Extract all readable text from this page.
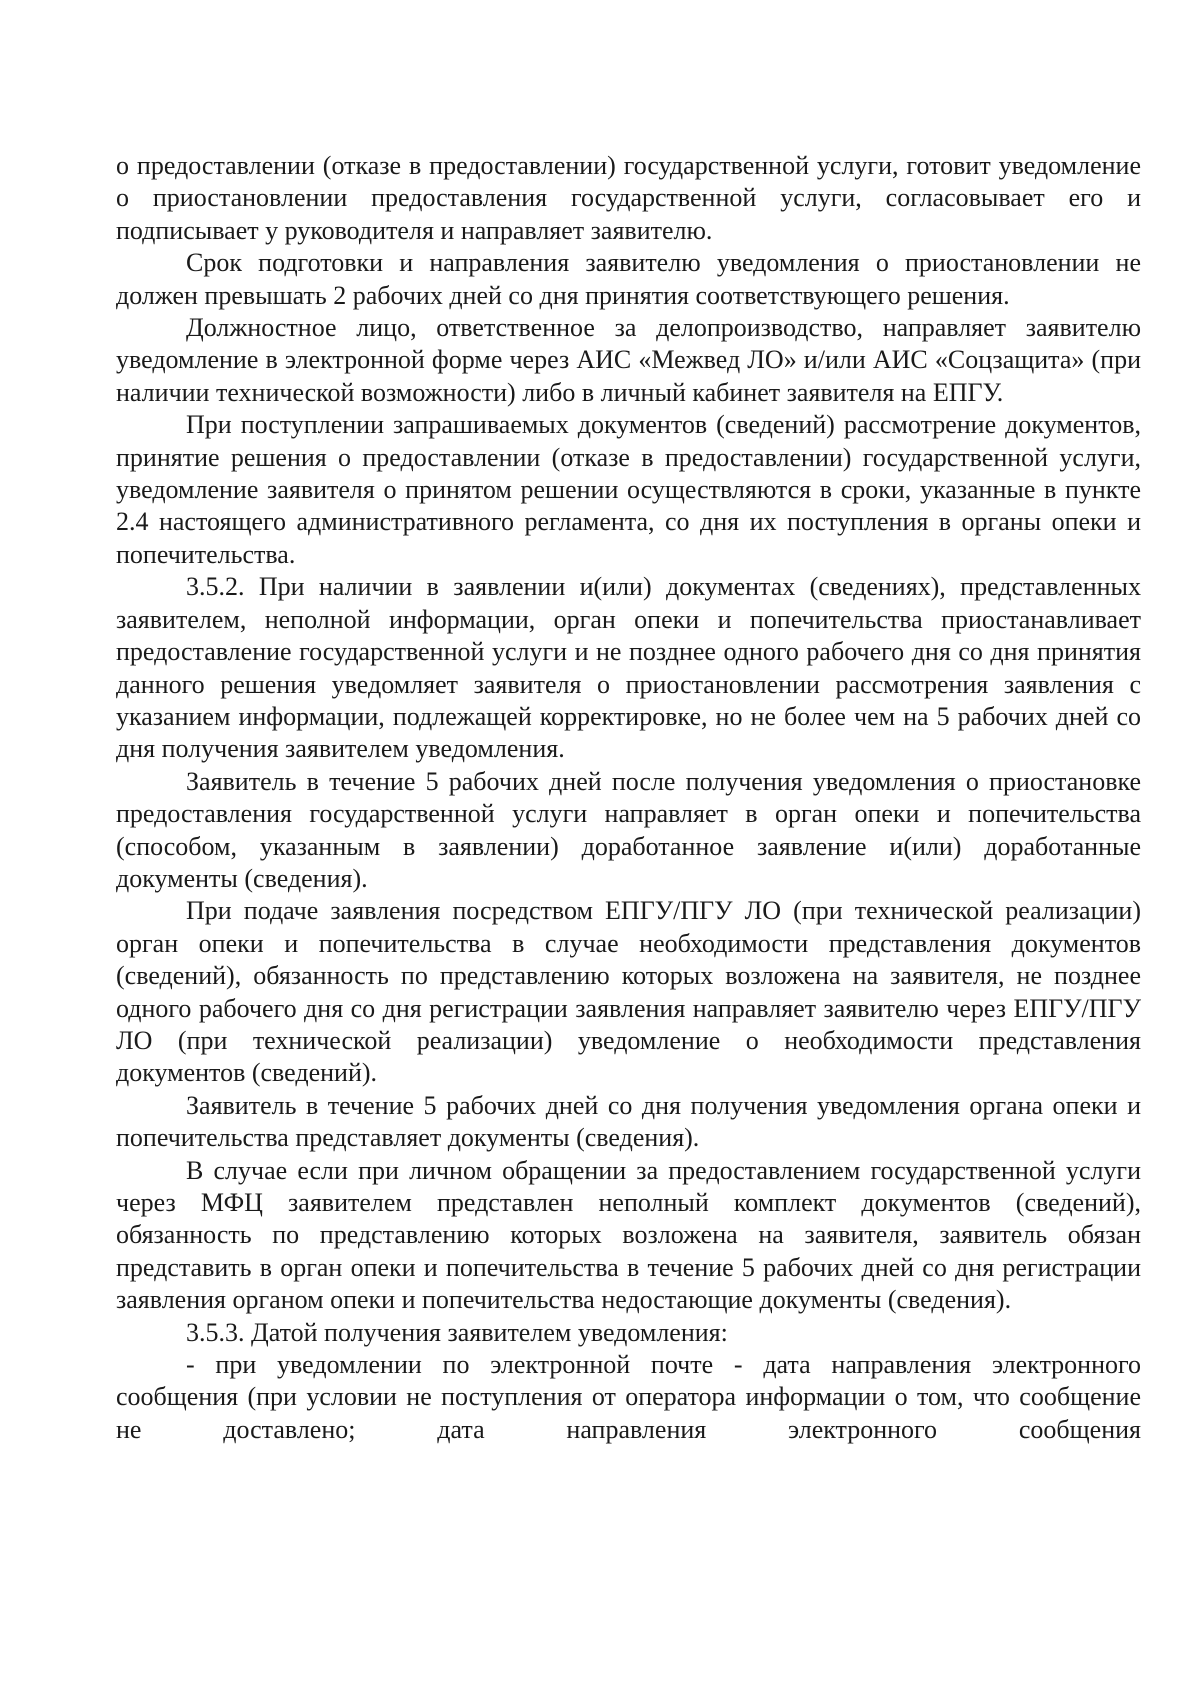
о предоставлении (отказе в предоставлении) государственной услуги, готовит уведомление о приостановлении предоставления государственной услуги, согласовывает его и подписывает у руководителя и направляет заявителю.

Срок подготовки и направления заявителю уведомления о приостановлении не должен превышать 2 рабочих дней со дня принятия соответствующего решения.

Должностное лицо, ответственное за делопроизводство, направляет заявителю уведомление в электронной форме через АИС «Межвед ЛО» и/или АИС «Соцзащита» (при наличии технической возможности) либо в личный кабинет заявителя на ЕПГУ.

При поступлении запрашиваемых документов (сведений) рассмотрение документов, принятие решения о предоставлении (отказе в предоставлении) государственной услуги, уведомление заявителя о принятом решении осуществляются в сроки, указанные в пункте 2.4 настоящего административного регламента, со дня их поступления в органы опеки и попечительства.

3.5.2. При наличии в заявлении и(или) документах (сведениях), представленных заявителем, неполной информации, орган опеки и попечительства приостанавливает предоставление государственной услуги и не позднее одного рабочего дня со дня принятия данного решения уведомляет заявителя о приостановлении рассмотрения заявления с указанием информации, подлежащей корректировке, но не более чем на 5 рабочих дней со дня получения заявителем уведомления.

Заявитель в течение 5 рабочих дней после получения уведомления о приостановке предоставления государственной услуги направляет в орган опеки и попечительства (способом, указанным в заявлении) доработанное заявление и(или) доработанные документы (сведения).

При подаче заявления посредством ЕПГУ/ПГУ ЛО (при технической реализации) орган опеки и попечительства в случае необходимости представления документов (сведений), обязанность по представлению которых возложена на заявителя, не позднее одного рабочего дня со дня регистрации заявления направляет заявителю через ЕПГУ/ПГУ ЛО (при технической реализации) уведомление о необходимости представления документов (сведений).

Заявитель в течение 5 рабочих дней со дня получения уведомления органа опеки и попечительства представляет документы (сведения).

В случае если при личном обращении за предоставлением государственной услуги через МФЦ заявителем представлен неполный комплект документов (сведений), обязанность по представлению которых возложена на заявителя, заявитель обязан представить в орган опеки и попечительства в течение 5 рабочих дней со дня регистрации заявления органом опеки и попечительства недостающие документы (сведения).

3.5.3. Датой получения заявителем уведомления:

- при уведомлении по электронной почте - дата направления электронного сообщения (при условии не поступления от оператора информации о том, что сообщение не доставлено; дата направления электронного сообщения
